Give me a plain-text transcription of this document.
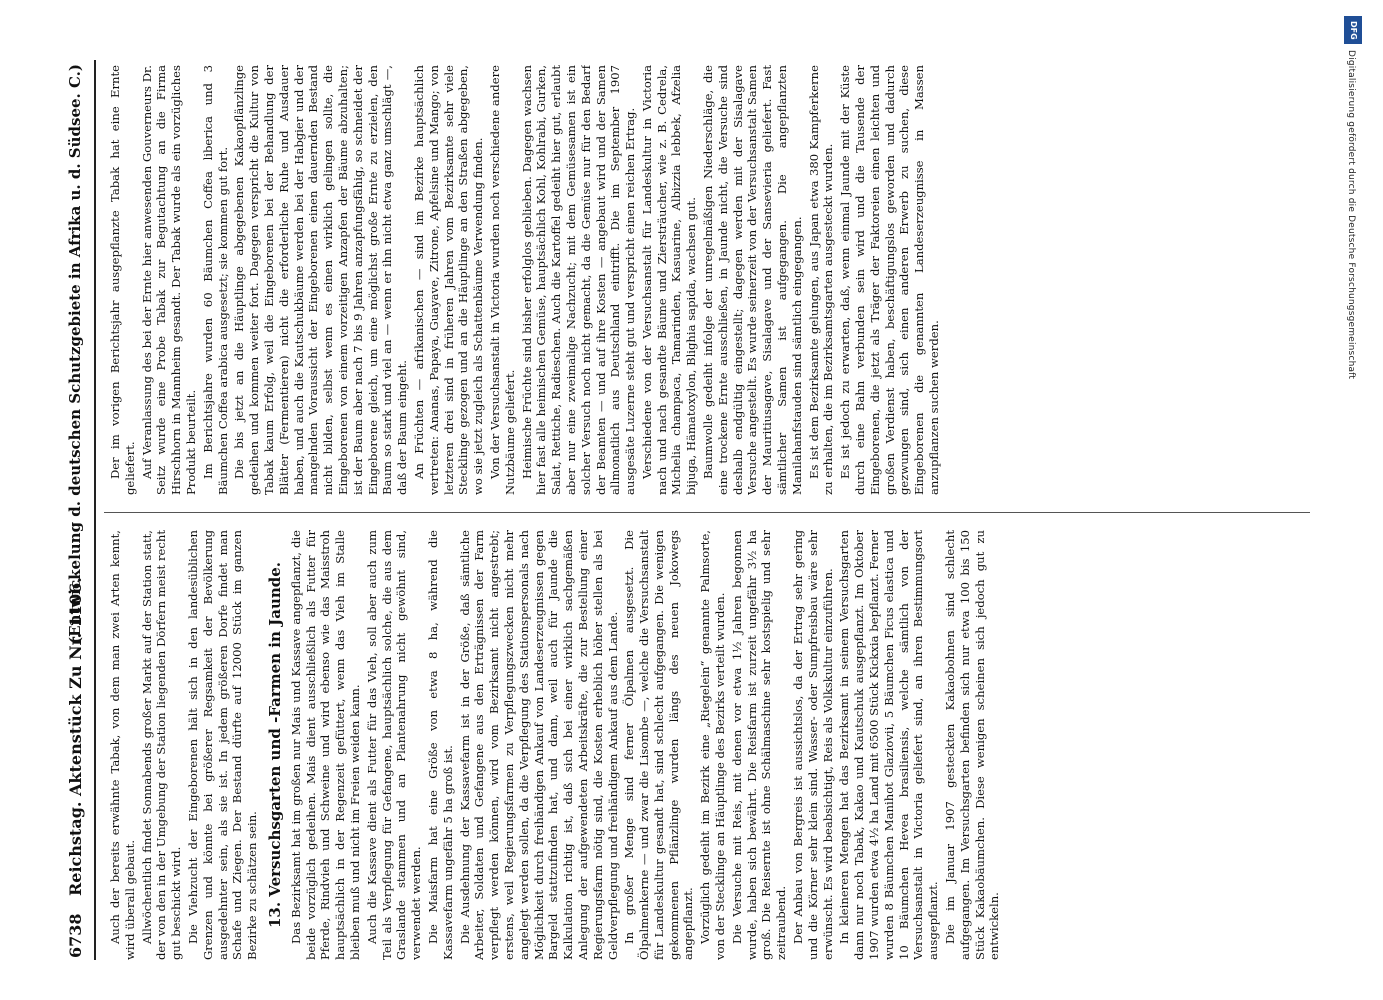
6738
Reichstag. Aktenstück Zu Nr. 1106.
(Entwickelung d. deutschen Schutzgebiete in Afrika u. d. Südsee. C.)

Auch der bereits erwähnte Tabak, von dem man zwei Arten kennt, wird überall gebaut. Allwöchentlich findet Sonnabends großer Markt auf der Station statt, der von den in der Umgebung der Station liegenden Dörfern meist recht gut beschickt wird. Die Viehzucht der Eingeborenen hält sich in den landesüblichen Grenzen und könnte bei größerer Regsamkeit der Bevölkerung ausgedehnter sein, als sie ist. In jedem größeren Dorfe findet man Schafe und Ziegen. Der Bestand dürfte auf 12000 Stück im ganzen Bezirke zu schätzen sein. 13. Versuchsgarten und -Farmen in Jaunde. Das Bezirksamt hat im großen nur Mais und Kassave angepflanzt, die beide vorzüglich gedeihen. Mais dient ausschließlich als Futter für Pferde, Rindvieh und Schweine und wird ebenso wie das Maisstroh hauptsächlich in der Regenzeit gefüttert, wenn das Vieh im Stalle bleiben muß und nicht im Freien weiden kann. Auch die Kassave dient als Futter für das Vieh, soll aber auch zum Teil als Verpflegung für Gefangene, hauptsächlich solche, die aus dem Graslande stammen und an Plantenahrung nicht gewöhnt sind, verwendet werden. Die Maisfarm hat eine Größe von etwa 8 ha, während die Kassavefarm ungefähr 5 ha groß ist. Die Ausdehnung der Kassavefarm ist in der Größe, daß sämtliche Arbeiter, Soldaten und Gefangene aus den Erträgnissen der Farm verpflegt werden können, wird vom Bezirksamt nicht angestrebt; erstens, weil Regierungsfarmen zu Verpflegungszwecken nicht mehr angelegt werden sollen, da die Verpflegung des Stationspersonals nach Möglichkeit durch freihändigen Ankauf von Landeserzeugnissen gegen Bargeld stattzufinden hat, und dann, weil auch für Jaunde die Kalkulation richtig ist, daß sich bei einer wirklich sachgemäßen Anlegung der aufgewendeten Arbeitskräfte, die zur Bestellung einer Regierungsfarm nötig sind, die Kosten erheblich höher stellen als bei Geldverpflegung und freihändigem Ankauf aus dem Lande. In großer Menge sind ferner Ölpalmen ausgesetzt. Die Ölpalmenkerne — und zwar die Lisombe —, welche die Versuchsanstalt für Landeskultur gesandt hat, sind schlecht aufgegangen. Die wenigen gekommenen Pflänzlinge wurden längs des neuen Jokowegs angepflanzt. Vorzüglich gedeiht im Bezirk eine „Riegelein“ genannte Palmsorte, von der Stecklinge an Häuptlinge des Bezirks verteilt wurden. Die Versuche mit Reis, mit denen vor etwa 1½ Jahren begonnen wurde, haben sich bewährt. Die Reisfarm ist zurzeit ungefähr 3½ ha groß. Die Reisernte ist ohne Schälmaschine sehr kostspielig und sehr zeitraubend. Der Anbau von Bergreis ist aussichtslos, da der Ertrag sehr gering und die Körner sehr klein sind. Wasser- oder Sumpfreisbau wäre sehr erwünscht. Es wird beabsichtigt, Reis als Volkskultur einzuführen. In kleineren Mengen hat das Bezirksamt in seinem Versuchsgarten dann nur noch Tabak, Kakao und Kautschuk ausgepflanzt. Im Oktober 1907 wurden etwa 4½ ha Land mit 6500 Stück Kickxia bepflanzt. Ferner wurden 8 Bäumchen Manihot Glaziovii, 5 Bäumchen Ficus elastica und 10 Bäumchen Hevea brasiliensis, welche sämtlich von der Versuchsanstalt in Victoria geliefert sind, an ihren Bestimmungsort ausgepflanzt. Die im Januar 1907 gesteckten Kakaobohnen sind schlecht aufgegangen. Im Versuchsgarten befinden sich nur etwa 100 bis 150 Stück Kakaobäumchen. Diese wenigen scheinen sich jedoch gut zu entwickeln.

Der im vorigen Berichtsjahr ausgepflanzte Tabak hat eine Ernte geliefert. Auf Veranlassung des bei der Ernte hier anwesenden Gouverneurs Dr. Seitz wurde eine Probe Tabak zur Begutachtung an die Firma Hirschhorn in Mannheim gesandt. Der Tabak wurde als ein vorzügliches Produkt beurteilt. Im Berichtsjahre wurden 60 Bäumchen Coffea liberica und 3 Bäumchen Coffea arabica ausgesetzt; sie kommen gut fort. Die bis jetzt an die Häuptlinge abgegebenen Kakaopflänzlinge gedeihen und kommen weiter fort. Dagegen verspricht die Kultur von Tabak kaum Erfolg, weil die Eingeborenen bei der Behandlung der Blätter (Fermentieren) nicht die erforderliche Ruhe und Ausdauer haben, und auch die Kautschukbäume werden bei der Habgier und der mangelnden Voraussicht der Eingeborenen einen dauernden Bestand nicht bilden, selbst wenn es einen wirklich gelingen sollte, die Eingeborenen von einem vorzeitigen Anzapfen der Bäume abzuhalten; ist der Baum aber nach 7 bis 9 Jahren anzapfungsfähig, so schneidet der Eingeborene gleich, um eine möglichst große Ernte zu erzielen, den Baum so stark und viel an — wenn er ihn nicht etwa ganz umschlägt —, daß der Baum eingeht. An Früchten — afrikanischen — sind im Bezirke hauptsächlich vertreten: Ananas, Papaya, Guayave, Zitrone, Apfelsine und Mango; von letzteren drei sind in früheren Jahren vom Bezirksamte sehr viele Stecklinge gezogen und an die Häuptlinge an den Straßen abgegeben, wo sie jetzt zugleich als Schattenbäume Verwendung finden. Von der Versuchsanstalt in Victoria wurden noch verschiedene andere Nutzbäume geliefert. Heimische Früchte sind bisher erfolglos geblieben. Dagegen wachsen hier fast alle heimischen Gemüse, hauptsächlich Kohl, Kohlrabi, Gurken, Salat, Rettiche, Radieschen. Auch die Kartoffel gedeiht hier gut, erlaubt aber nur eine zweimalige Nachzucht; mit dem Gemüsesamen ist ein solcher Versuch noch nicht gemacht, da die Gemüse nur für den Bedarf der Beamten — und auf ihre Kosten — angebaut wird und der Samen allmonatlich aus Deutschland eintrifft. Die im September 1907 ausgesäte Luzerne steht gut und verspricht einen reichen Ertrag. Verschiedene von der Versuchsanstalt für Landeskultur in Victoria nach und nach gesandte Bäume und Ziersträucher, wie z. B. Cedrela, Michelia champaca, Tamarinden, Kasuarine, Albizzia lebbek, Afzelia bijuga, Hämatoxylon, Blighia sapida, wachsen gut. Baumwolle gedeiht infolge der unregelmäßigen Niederschläge, die eine trockene Ernte ausschließen, in Jaunde nicht, die Versuche sind deshalb endgültig eingestellt; dagegen werden mit der Sisalagave Versuche angestellt. Es wurde seinerzeit von der Versuchsanstalt Samen der Mauritiusagave, Sisalagave und der Sansevieria geliefert. Fast sämtlicher Samen ist aufgegangen. Die angepflanzten Manilahanfstauden sind sämtlich eingegangen. Es ist dem Bezirksamte gelungen, aus Japan etwa 380 Kampferkerne zu erhalten, die im Bezirksamtsgarten ausgesteckt wurden. Es ist jedoch zu erwarten, daß, wenn einmal Jaunde mit der Küste durch eine Bahn verbunden sein wird und die Tausende der Eingeborenen, die jetzt als Träger der Faktoreien einen leichten und großen Verdienst haben, beschäftigungslos geworden und dadurch gezwungen sind, sich einen anderen Erwerb zu suchen, diese Eingeborenen die genannten Landeserzeugnisse in Massen anzupflanzen suchen werden.

DFG
Digitalisierung gefördert durch die Deutsche Forschungsgemeinschaft
